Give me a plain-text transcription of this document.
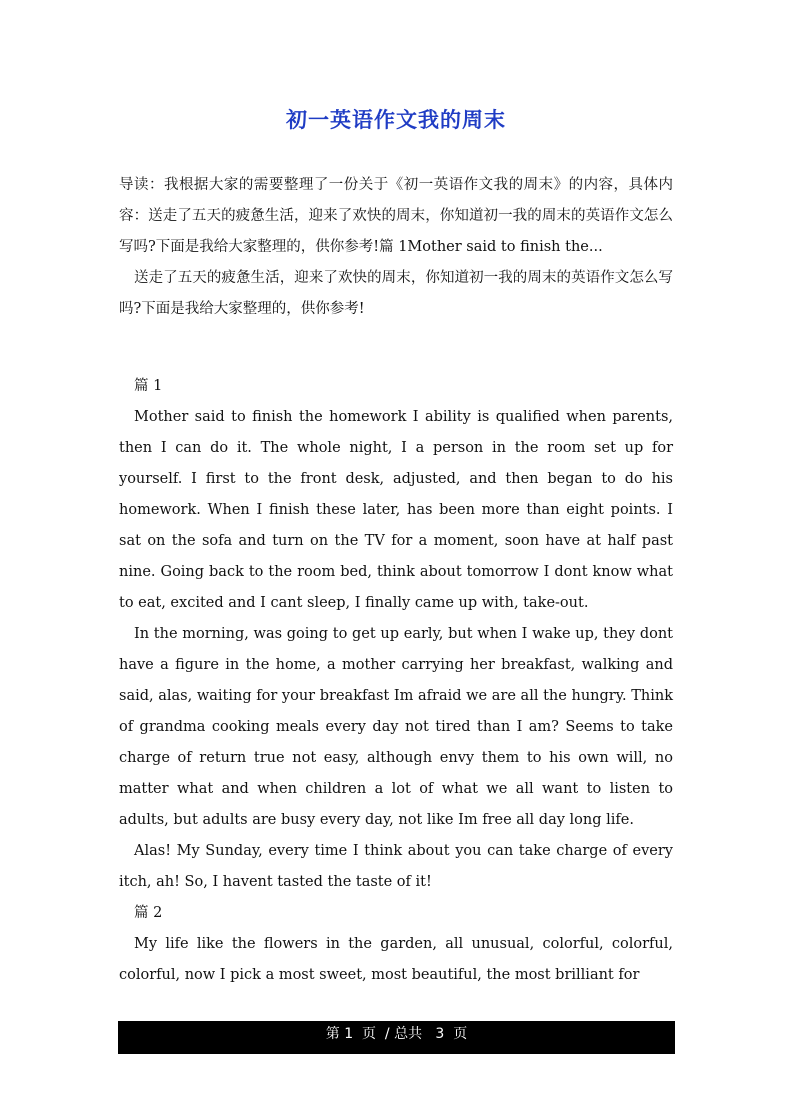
初一英语作文我的周末

导读：我根据大家的需要整理了一份关于《初一英语作文我的周末》的内容，具体内容：送走了五天的疲惫生活，迎来了欢快的周末，你知道初一我的周末的英语作文怎么写吗?下面是我给大家整理的，供你参考!篇 1Mother said to finish the...

送走了五天的疲惫生活，迎来了欢快的周末，你知道初一我的周末的英语作文怎么写吗?下面是我给大家整理的，供你参考!

篇 1

Mother said to finish the homework I ability is qualified when parents, then I can do it. The whole night, I a person in the room set up for yourself. I first to the front desk, adjusted, and then began to do his homework. When I finish these later, has been more than eight points. I sat on the sofa and turn on the TV for a moment, soon have at half past nine. Going back to the room bed, think about tomorrow I dont know what to eat, excited and I cant sleep, I finally came up with, take-out.

In the morning, was going to get up early, but when I wake up, they dont have a figure in the home, a mother carrying her breakfast, walking and said, alas, waiting for your breakfast Im afraid we are all the hungry. Think of grandma cooking meals every day not tired than I am? Seems to take charge of return true not easy, although envy them to his own will, no matter what and when children a lot of what we all want to listen to adults, but adults are busy every day, not like Im free all day long life.

Alas! My Sunday, every time I think about you can take charge of every itch, ah! So, I havent tasted the taste of it!

篇 2

My life like the flowers in the garden, all unusual, colorful, colorful, colorful, now I pick a most sweet, most beautiful, the most brilliant for

第 1  页  / 总共   3  页
